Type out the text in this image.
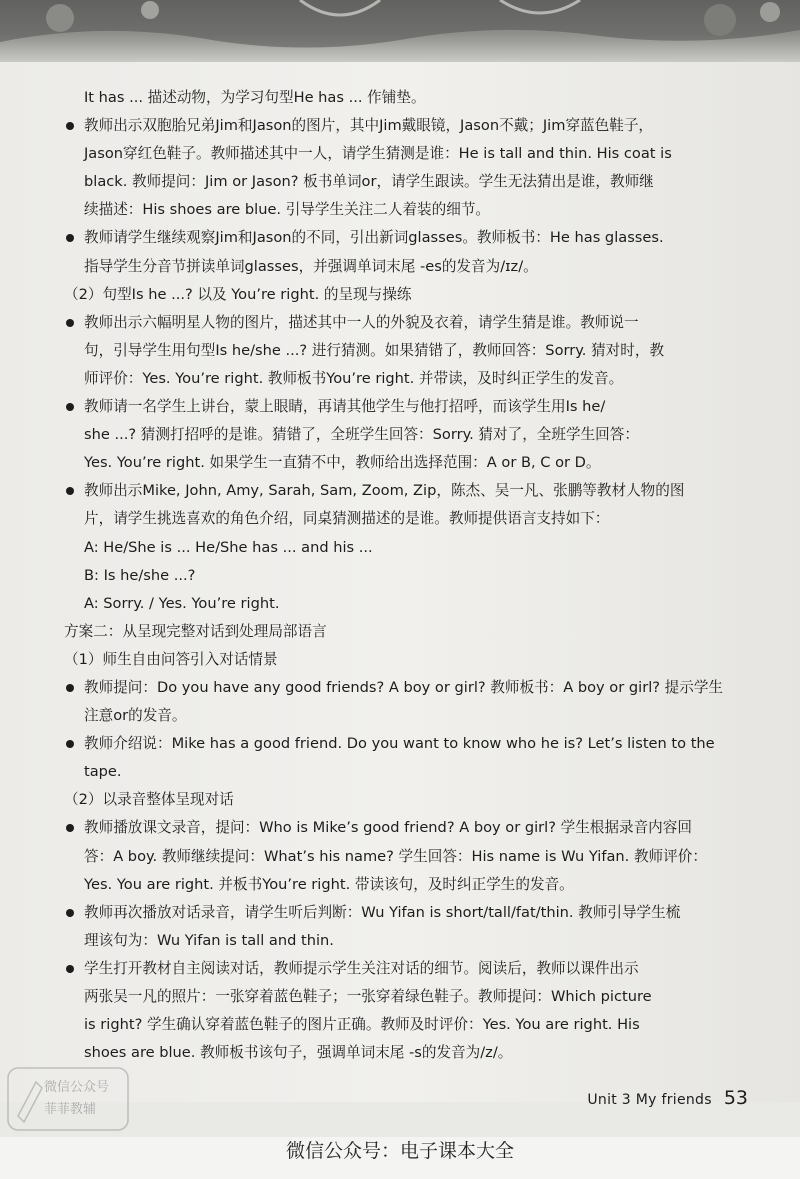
It has ... 描述动物，为学习句型He has ... 作铺垫。
教师出示双胞胎兄弟Jim和Jason的图片，其中Jim戴眼镜，Jason不戴；Jim穿蓝色鞋子，
Jason穿红色鞋子。教师描述其中一人，请学生猜测是谁：He is tall and thin. His coat is
black. 教师提问：Jim or Jason? 板书单词or，请学生跟读。学生无法猜出是谁，教师继
续描述：His shoes are blue. 引导学生关注二人着装的细节。
教师请学生继续观察Jim和Jason的不同，引出新词glasses。教师板书：He has glasses.
指导学生分音节拼读单词glasses，并强调单词末尾 -es的发音为/ɪz/。
（2）句型Is he ...? 以及 You’re right. 的呈现与操练
教师出示六幅明星人物的图片，描述其中一人的外貌及衣着，请学生猜是谁。教师说一
句，引导学生用句型Is he/she ...? 进行猜测。如果猜错了，教师回答：Sorry. 猜对时，教
师评价：Yes. You’re right. 教师板书You’re right. 并带读，及时纠正学生的发音。
教师请一名学生上讲台，蒙上眼睛，再请其他学生与他打招呼，而该学生用Is he/
she ...? 猜测打招呼的是谁。猜错了，全班学生回答：Sorry. 猜对了，全班学生回答：
Yes. You’re right. 如果学生一直猜不中，教师给出选择范围：A or B, C or D。
教师出示Mike, John, Amy, Sarah, Sam, Zoom, Zip，陈杰、吴一凡、张鹏等教材人物的图
片，请学生挑选喜欢的角色介绍，同桌猜测描述的是谁。教师提供语言支持如下：
A: He/She is ... He/She has ... and his ...
B: Is he/she ...?
A: Sorry. / Yes. You’re right.
方案二：从呈现完整对话到处理局部语言
（1）师生自由问答引入对话情景
教师提问：Do you have any good friends? A boy or girl? 教师板书：A boy or girl? 提示学生
注意or的发音。
教师介绍说：Mike has a good friend. Do you want to know who he is? Let’s listen to the
tape.
（2）以录音整体呈现对话
教师播放课文录音，提问：Who is Mike’s good friend? A boy or girl? 学生根据录音内容回
答：A boy. 教师继续提问：What’s his name? 学生回答：His name is Wu Yifan. 教师评价：
Yes. You are right. 并板书You’re right. 带读该句，及时纠正学生的发音。
教师再次播放对话录音，请学生听后判断：Wu Yifan is short/tall/fat/thin. 教师引导学生梳
理该句为：Wu Yifan is tall and thin.
学生打开教材自主阅读对话，教师提示学生关注对话的细节。阅读后，教师以课件出示
两张吴一凡的照片：一张穿着蓝色鞋子；一张穿着绿色鞋子。教师提问：Which picture
is right? 学生确认穿着蓝色鞋子的图片正确。教师及时评价：Yes. You are right. His
shoes are blue. 教师板书该句子，强调单词末尾 -s的发音为/z/。
Unit 3 My friends 53
微信公众号
菲菲教辅
微信公众号：电子课本大全
